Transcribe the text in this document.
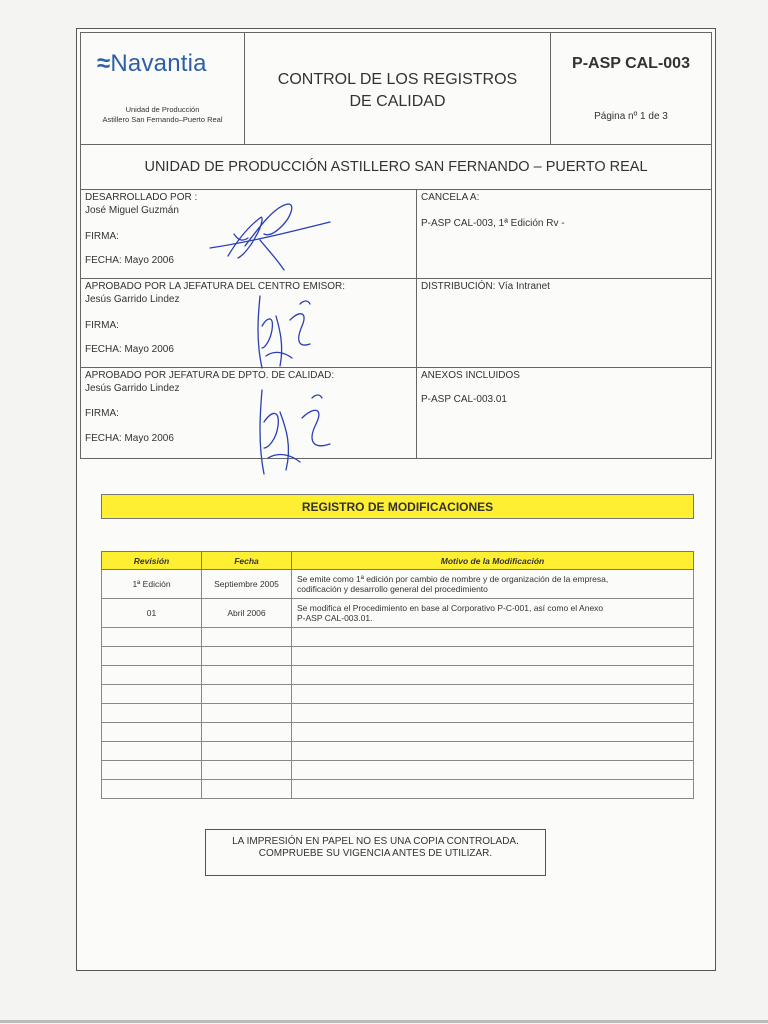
≈Navantia
Unidad de Producción
Astillero San Fernando–Puerto Real
CONTROL DE LOS REGISTROS
DE CALIDAD
P-ASP CAL-003
Página nº 1 de 3
UNIDAD DE PRODUCCIÓN ASTILLERO SAN FERNANDO – PUERTO REAL
DESARROLLADO POR :
José Miguel Guzmán
FIRMA:
FECHA: Mayo 2006
CANCELA A:
P-ASP CAL-003, 1ª Edición Rv -
APROBADO POR LA JEFATURA DEL CENTRO EMISOR:
Jesús Garrido Lindez
FIRMA:
FECHA: Mayo 2006
DISTRIBUCIÓN: Vía Intranet
APROBADO POR JEFATURA DE DPTO. DE CALIDAD:
Jesús Garrido Lindez
FIRMA:
FECHA: Mayo 2006
ANEXOS INCLUIDOS
P-ASP CAL-003.01
REGISTRO DE MODIFICACIONES
Revisión	Fecha	Motivo de la Modificación
1ª Edición	Septiembre 2005	Se emite como 1ª edición por cambio de nombre y de organización de la empresa,
codificación y desarrollo general del procedimiento

01	Abril 2006	Se modifica el Procedimiento en base al Corporativo P-C-001, así como el Anexo
P-ASP CAL-003.01.

LA IMPRESIÓN EN PAPEL NO ES UNA COPIA CONTROLADA.
COMPRUEBE SU VIGENCIA ANTES DE UTILIZAR.
